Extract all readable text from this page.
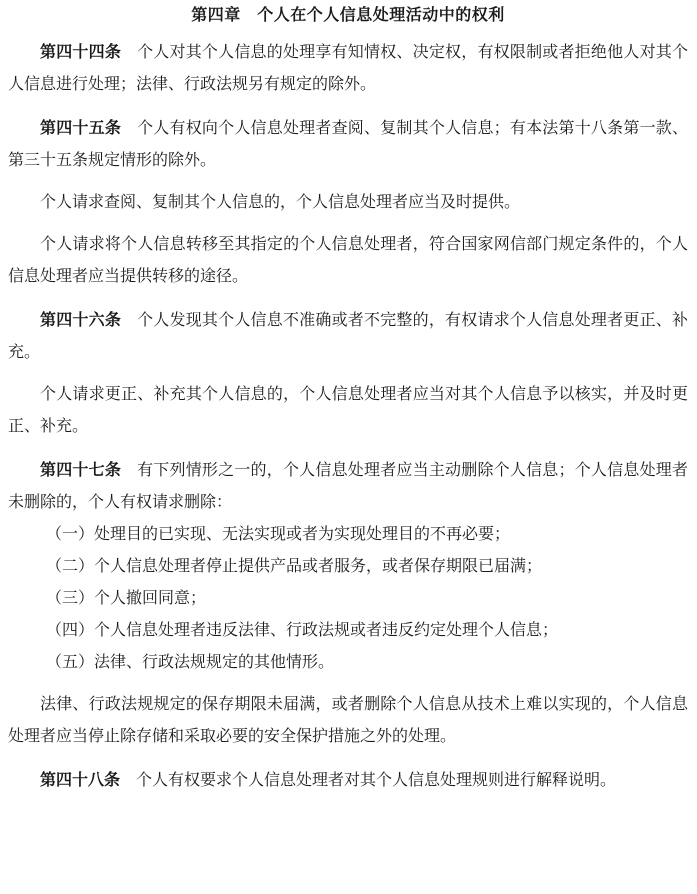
第四章　个人在个人信息处理活动中的权利

第四十四条 个人对其个人信息的处理享有知情权、决定权，有权限制或者拒绝他人对其个人信息进行处理；法律、行政法规另有规定的除外。

第四十五条 个人有权向个人信息处理者查阅、复制其个人信息；有本法第十八条第一款、第三十五条规定情形的除外。

个人请求查阅、复制其个人信息的，个人信息处理者应当及时提供。

个人请求将个人信息转移至其指定的个人信息处理者，符合国家网信部门规定条件的，个人信息处理者应当提供转移的途径。

第四十六条 个人发现其个人信息不准确或者不完整的，有权请求个人信息处理者更正、补充。

个人请求更正、补充其个人信息的，个人信息处理者应当对其个人信息予以核实，并及时更正、补充。

第四十七条 有下列情形之一的，个人信息处理者应当主动删除个人信息；个人信息处理者未删除的，个人有权请求删除：

（一）处理目的已实现、无法实现或者为实现处理目的不再必要；

（二）个人信息处理者停止提供产品或者服务，或者保存期限已届满；

（三）个人撤回同意；

（四）个人信息处理者违反法律、行政法规或者违反约定处理个人信息；

（五）法律、行政法规规定的其他情形。

法律、行政法规规定的保存期限未届满，或者删除个人信息从技术上难以实现的，个人信息处理者应当停止除存储和采取必要的安全保护措施之外的处理。

第四十八条 个人有权要求个人信息处理者对其个人信息处理规则进行解释说明。
